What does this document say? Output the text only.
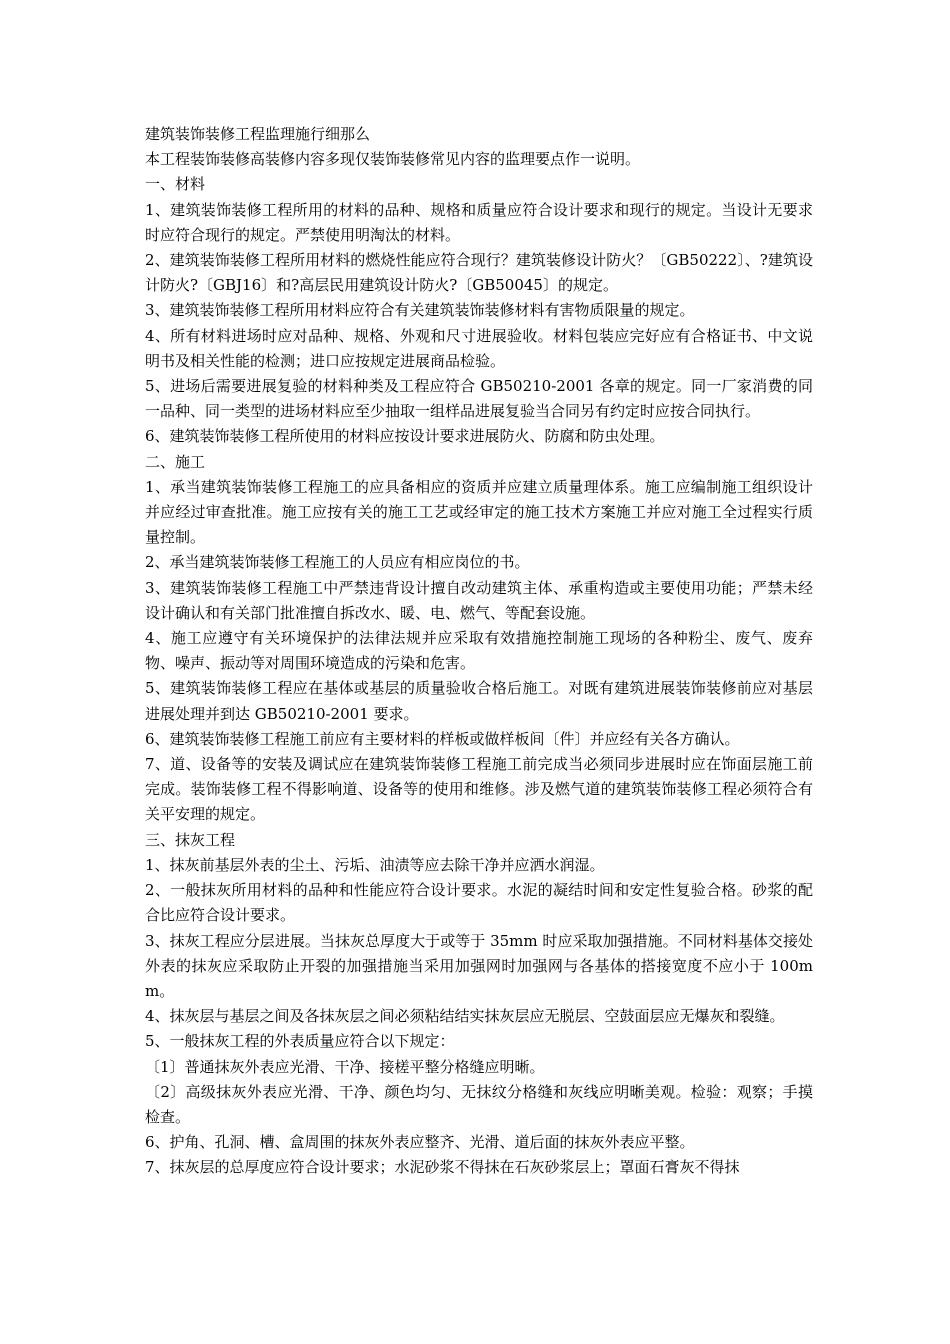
建筑装饰装修工程监理施行细那么

本工程装饰装修高装修内容多现仅装饰装修常见内容的监理要点作一说明。

一、材料

1、建筑装饰装修工程所用的材料的品种、规格和质量应符合设计要求和现行的规定。当设计无要求时应符合现行的规定。严禁使用明淘汰的材料。

2、建筑装饰装修工程所用材料的燃烧性能应符合现行？建筑装修设计防火？〔GB50222〕、?建筑设计防火?〔GBJ16〕和?高层民用建筑设计防火?〔GB50045〕的规定。

3、建筑装饰装修工程所用材料应符合有关建筑装饰装修材料有害物质限量的规定。

4、所有材料进场时应对品种、规格、外观和尺寸进展验收。材料包装应完好应有合格证书、中文说明书及相关性能的检测；进口应按规定进展商品检验。

5、进场后需要进展复验的材料种类及工程应符合 GB50210-2001 各章的规定。同一厂家消费的同一品种、同一类型的进场材料应至少抽取一组样品进展复验当合同另有约定时应按合同执行。

6、建筑装饰装修工程所使用的材料应按设计要求进展防火、防腐和防虫处理。

二、施工

1、承当建筑装饰装修工程施工的应具备相应的资质并应建立质量理体系。施工应编制施工组织设计并应经过审查批准。施工应按有关的施工工艺或经审定的施工技术方案施工并应对施工全过程实行质量控制。

2、承当建筑装饰装修工程施工的人员应有相应岗位的书。

3、建筑装饰装修工程施工中严禁违背设计擅自改动建筑主体、承重构造或主要使用功能；严禁未经设计确认和有关部门批准擅自拆改水、暖、电、燃气、等配套设施。

4、施工应遵守有关环境保护的法律法规并应采取有效措施控制施工现场的各种粉尘、废气、废弃物、噪声、振动等对周围环境造成的污染和危害。

5、建筑装饰装修工程应在基体或基层的质量验收合格后施工。对既有建筑进展装饰装修前应对基层进展处理并到达 GB50210-2001 要求。

6、建筑装饰装修工程施工前应有主要材料的样板或做样板间〔件〕并应经有关各方确认。

7、道、设备等的安装及调试应在建筑装饰装修工程施工前完成当必须同步进展时应在饰面层施工前完成。装饰装修工程不得影响道、设备等的使用和维修。涉及燃气道的建筑装饰装修工程必须符合有关平安理的规定。

三、抹灰工程

1、抹灰前基层外表的尘土、污垢、油渍等应去除干净并应洒水润湿。

2、一般抹灰所用材料的品种和性能应符合设计要求。水泥的凝结时间和安定性复验合格。砂浆的配合比应符合设计要求。

3、抹灰工程应分层进展。当抹灰总厚度大于或等于 35mm 时应采取加强措施。不同材料基体交接处外表的抹灰应采取防止开裂的加强措施当采用加强网时加强网与各基体的搭接宽度不应小于 100mm。

4、抹灰层与基层之间及各抹灰层之间必须粘结结实抹灰层应无脱层、空鼓面层应无爆灰和裂缝。

5、一般抹灰工程的外表质量应符合以下规定：

〔1〕普通抹灰外表应光滑、干净、接槎平整分格缝应明晰。

〔2〕高级抹灰外表应光滑、干净、颜色均匀、无抹纹分格缝和灰线应明晰美观。检验：观察；手摸检查。

6、护角、孔洞、槽、盒周围的抹灰外表应整齐、光滑、道后面的抹灰外表应平整。

7、抹灰层的总厚度应符合设计要求；水泥砂浆不得抹在石灰砂浆层上；罩面石膏灰不得抹
